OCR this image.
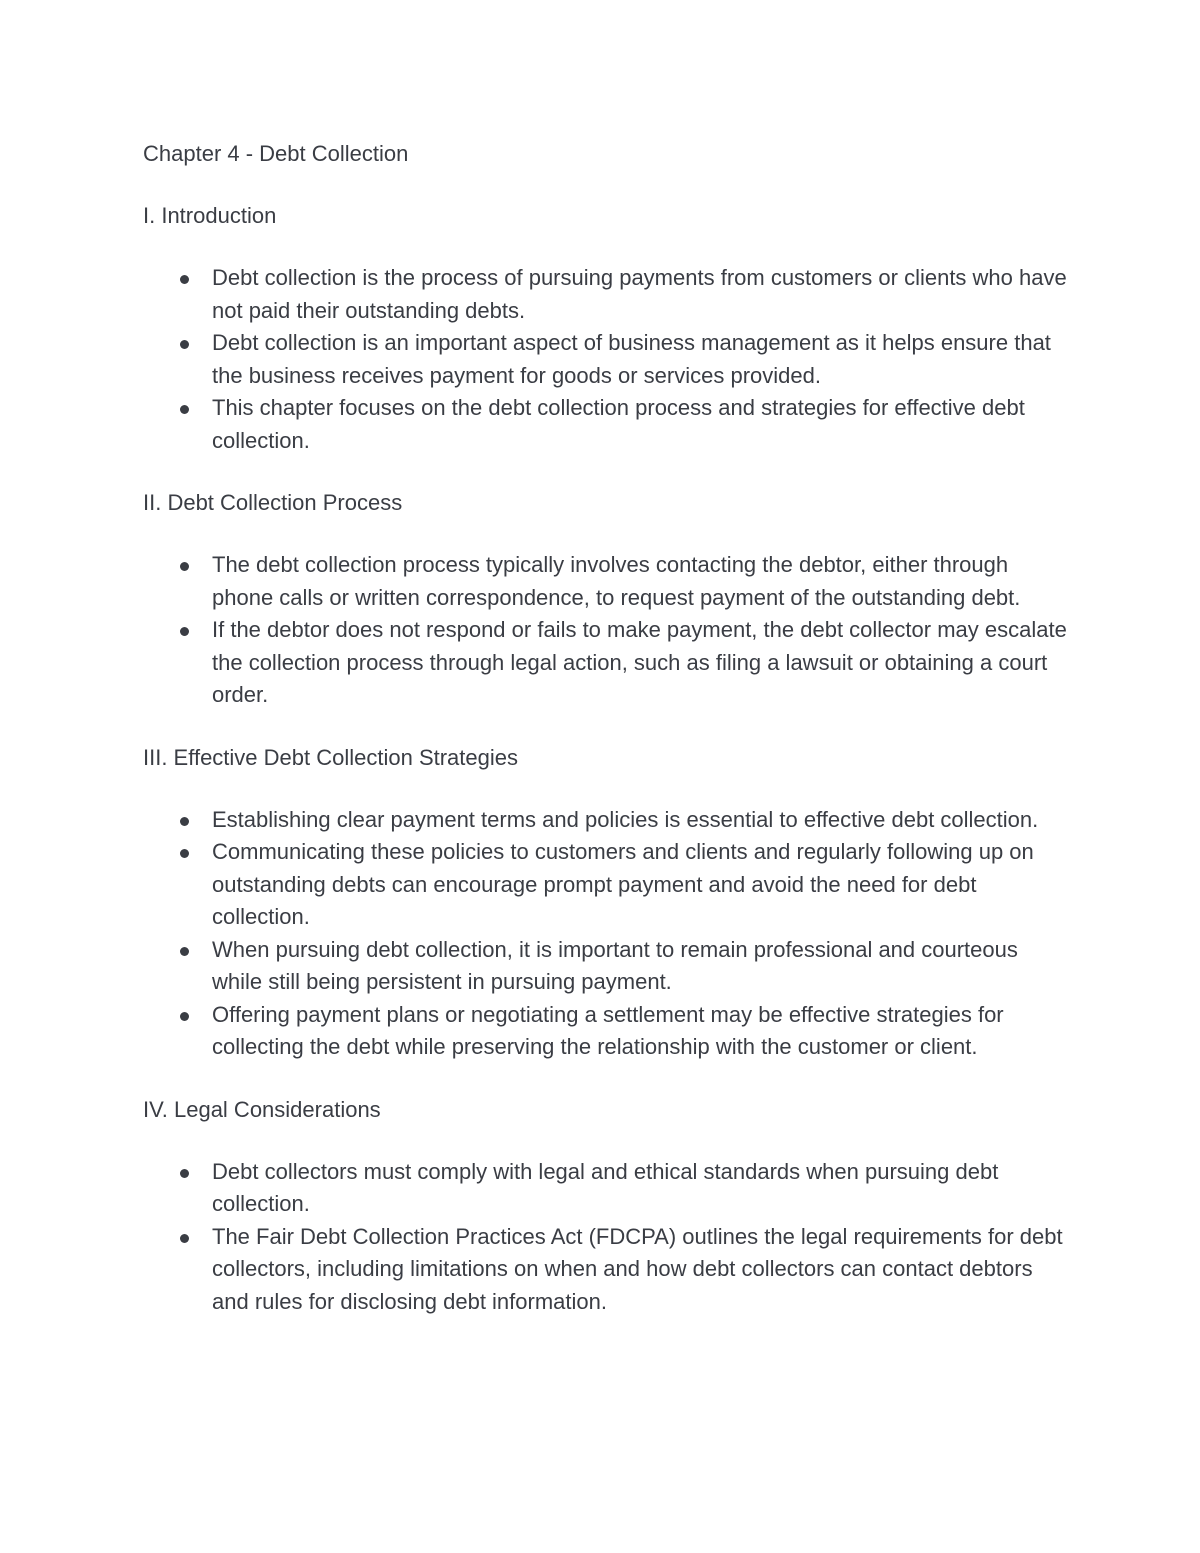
Chapter 4 - Debt Collection
I. Introduction
Debt collection is the process of pursuing payments from customers or clients who have not paid their outstanding debts.
Debt collection is an important aspect of business management as it helps ensure that the business receives payment for goods or services provided.
This chapter focuses on the debt collection process and strategies for effective debt collection.
II. Debt Collection Process
The debt collection process typically involves contacting the debtor, either through phone calls or written correspondence, to request payment of the outstanding debt.
If the debtor does not respond or fails to make payment, the debt collector may escalate the collection process through legal action, such as filing a lawsuit or obtaining a court order.
III. Effective Debt Collection Strategies
Establishing clear payment terms and policies is essential to effective debt collection.
Communicating these policies to customers and clients and regularly following up on outstanding debts can encourage prompt payment and avoid the need for debt collection.
When pursuing debt collection, it is important to remain professional and courteous while still being persistent in pursuing payment.
Offering payment plans or negotiating a settlement may be effective strategies for collecting the debt while preserving the relationship with the customer or client.
IV. Legal Considerations
Debt collectors must comply with legal and ethical standards when pursuing debt collection.
The Fair Debt Collection Practices Act (FDCPA) outlines the legal requirements for debt collectors, including limitations on when and how debt collectors can contact debtors and rules for disclosing debt information.
